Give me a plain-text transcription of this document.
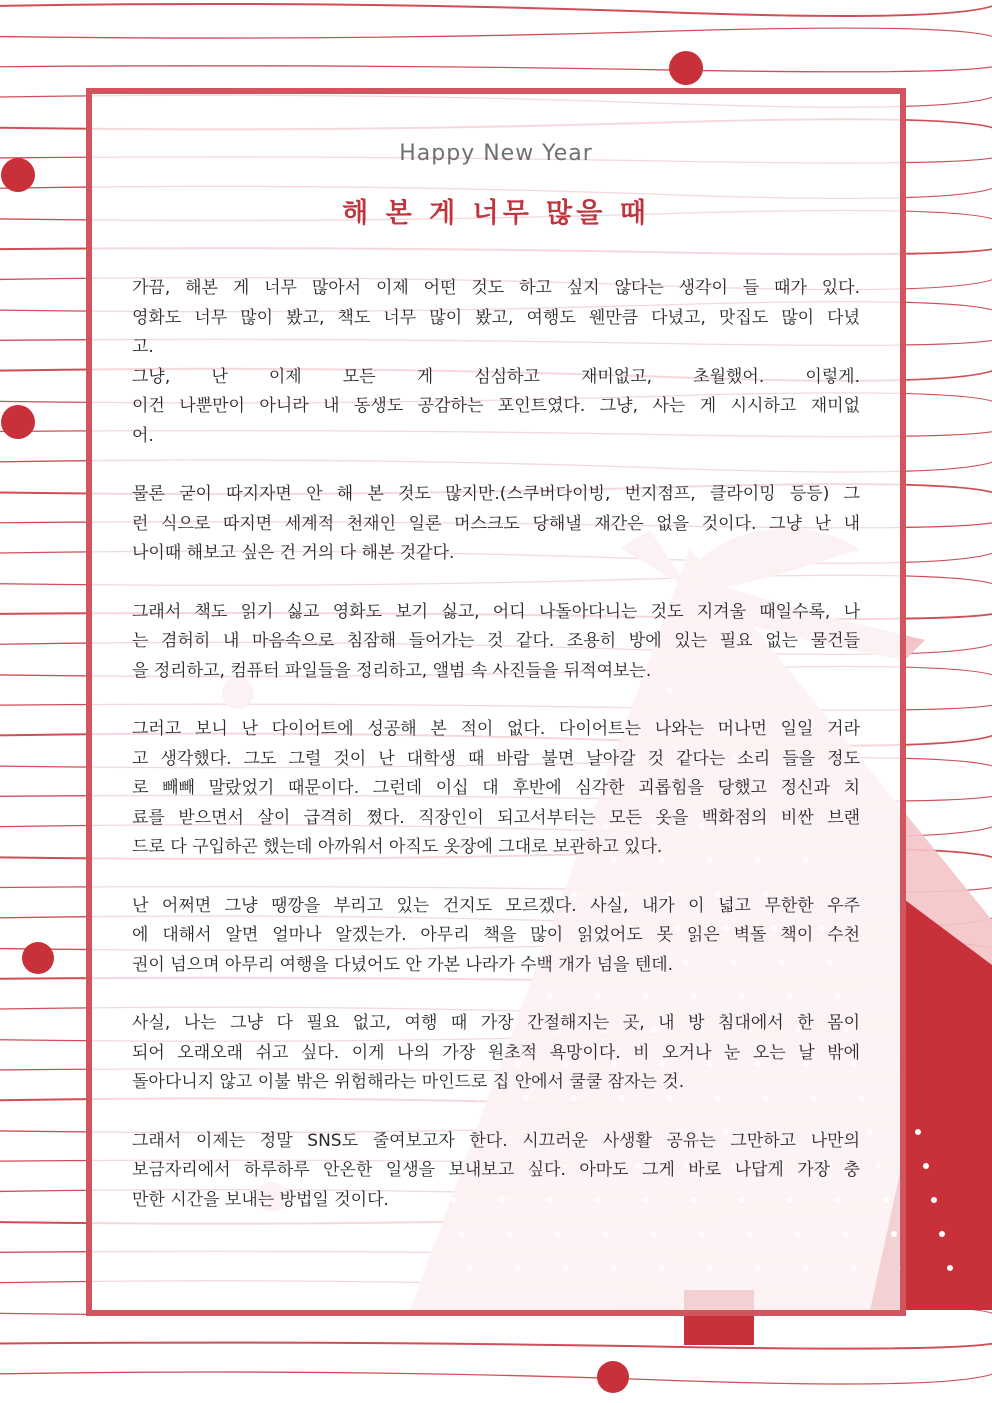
Happy New Year

해 본 게 너무 많을 때
가끔, 해본 게 너무 많아서 이제 어떤 것도 하고 싶지 않다는 생각이 들 때가 있다.
영화도 너무 많이 봤고, 책도 너무 많이 봤고, 여행도 웬만큼 다녔고, 맛집도 많이 다녔
고.
그냥, 난 이제 모든 게 심심하고 재미없고, 초월했어. 이렇게.
이건 나뿐만이 아니라 내 동생도 공감하는 포인트였다. 그냥, 사는 게 시시하고 재미없
어.
물론 굳이 따지자면 안 해 본 것도 많지만.(스쿠버다이빙, 번지점프, 클라이밍 등등) 그
런 식으로 따지면 세계적 천재인 일론 머스크도 당해낼 재간은 없을 것이다. 그냥 난 내
나이때 해보고 싶은 건 거의 다 해본 것같다.
그래서 책도 읽기 싫고 영화도 보기 싫고, 어디 나돌아다니는 것도 지겨울 때일수록, 나
는 겸허히 내 마음속으로 침잠해 들어가는 것 같다. 조용히 방에 있는 필요 없는 물건들
을 정리하고, 컴퓨터 파일들을 정리하고, 앨범 속 사진들을 뒤적여보는.
그러고 보니 난 다이어트에 성공해 본 적이 없다. 다이어트는 나와는 머나먼 일일 거라
고 생각했다. 그도 그럴 것이 난 대학생 때 바람 불면 날아갈 것 같다는 소리 들을 정도
로 빼빼 말랐었기 때문이다. 그런데 이십 대 후반에 심각한 괴롭힘을 당했고 정신과 치
료를 받으면서 살이 급격히 쪘다. 직장인이 되고서부터는 모든 옷을 백화점의 비싼 브랜
드로 다 구입하곤 했는데 아까워서 아직도 옷장에 그대로 보관하고 있다.
난 어쩌면 그냥 땡깡을 부리고 있는 건지도 모르겠다. 사실, 내가 이 넓고 무한한 우주
에 대해서 알면 얼마나 알겠는가. 아무리 책을 많이 읽었어도 못 읽은 벽돌 책이 수천
권이 넘으며 아무리 여행을 다녔어도 안 가본 나라가 수백 개가 넘을 텐데.
사실, 나는 그냥 다 필요 없고, 여행 때 가장 간절해지는 곳, 내 방 침대에서 한 몸이
되어 오래오래 쉬고 싶다. 이게 나의 가장 원초적 욕망이다. 비 오거나 눈 오는 날 밖에
돌아다니지 않고 이불 밖은 위험해라는 마인드로 집 안에서 쿨쿨 잠자는 것.
그래서 이제는 정말 SNS도 줄여보고자 한다. 시끄러운 사생활 공유는 그만하고 나만의
보금자리에서 하루하루 안온한 일생을 보내보고 싶다. 아마도 그게 바로 나답게 가장 충
만한 시간을 보내는 방법일 것이다.
